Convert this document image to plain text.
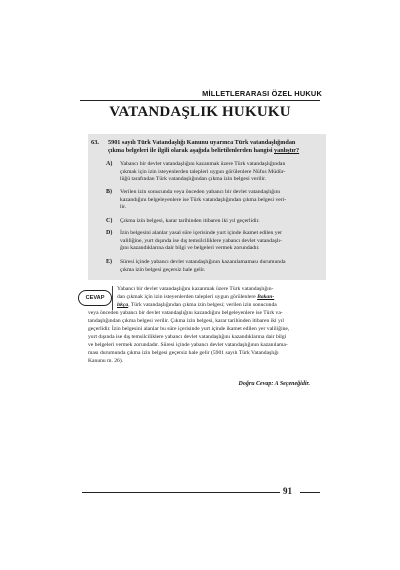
MİLLETLERARASI ÖZEL HUKUK
VATANDAŞLIK HUKUKU
63. 5901 sayılı Türk Vatandaşlığı Kanunu uyarınca Türk vatandaşlığından
çıkma belgeleri ile ilgili olarak aşağıda belirtilenlerden hangisi yanlıştır?
A) Yabancı bir devlet vatandaşlığını kazanmak üzere Türk vatandaşlığından
çıkmak için izin isteyenlerden talepleri uygun görülenlere Nüfus Müdür-
lüğü tarafından Türk vatandaşlığından çıkma izin belgesi verilir.
B) Verilen izin sonucunda veya önceden yabancı bir devlet vatandaşlığını
kazandığını belgeleyenlere ise Türk vatandaşlığından çıkma belgesi veri-
lir.
C) Çıkma izin belgesi, karar tarihinden itibaren iki yıl geçerlidir.
D) İzin belgesini alanlar yasal süre içerisinde yurt içinde ikamet edilen yer
valiliğine, yurt dışında ise dış temsilciliklere yabancı devlet vatandaşlı-
ğını kazandıklarına dair bilgi ve belgeleri vermek zorundadır.
E) Süresi içinde yabancı devlet vatandaşlığının kazanılamaması durumunda
çıkma izin belgesi geçersiz hale gelir.
CEVAP
Yabancı bir devlet vatandaşlığını kazanmak üzere Türk vatandaşlığın-
dan çıkmak için izin isteyenlerden talepleri uygun görülenlere Bakan-
lıkça, Türk vatandaşlığından çıkma izin belgesi; verilen izin sonucunda
veya önceden yabancı bir devlet vatandaşlığını kazandığını belgeleyenlere ise Türk va-
tandaşlığından çıkma belgesi verilir. Çıkma izin belgesi, karar tarihinden itibaren iki yıl
geçerlidir. İzin belgesini alanlar bu süre içerisinde yurt içinde ikamet edilen yer valiliğine,
yurt dışında ise dış temsilciliklere yabancı devlet vatandaşlığını kazandıklarına dair bilgi
ve belgeleri vermek zorundadır. Süresi içinde yabancı devlet vatandaşlığının kazanılama-
ması durumunda çıkma izin belgesi geçersiz hale gelir (5901 sayılı Türk Vatandaşlığı
Kanunu m. 26).
Doğru Cevap: A Seçeneğidir.
91
